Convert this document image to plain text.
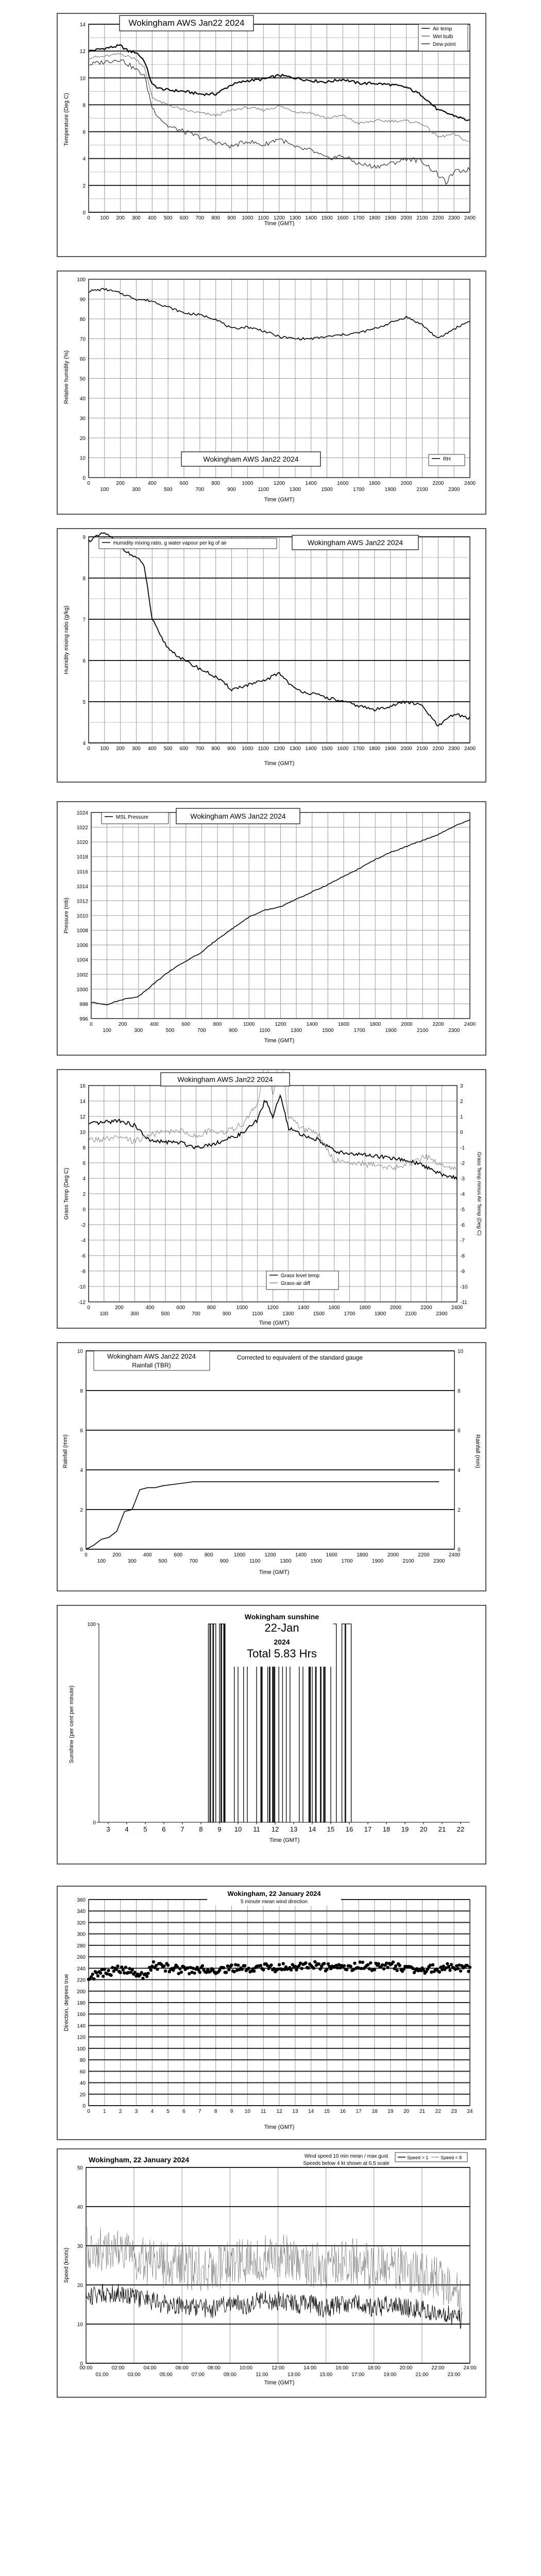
0
2
4
6
8
10
12
14
0 100 200 300 400 500 600 700 800 900 1000 1100 1200 1300 1400 1500 1600 1700 1800 1900 2000 2100 2200 2300 2400
Time (GMT)
Temperature (Deg C)
Wokingham AWS Jan22 2024
Air temp
Wet bulb
Dew point
0
10
20
30
40
50
60
70
80
90
100
0	200	400	600	800	1000	1200	1400	1600	1800	2000	2200	2400
100	300	500	700	900	1100	1300	1500	1700	1900	2100	2300
Time (GMT)
Relative humidity (%)
Wokingham AWS Jan22 2024	RH
4
5
6
7
8
9
0 100 200 300 400 500 600 700 800 900 1000 1100 1200 1300 1400 1500 1600 1700 1800 1900 2000 2100 2200 2300 2400
Time (GMT)
Humidity mixing ratio (g/kg)
Humidity mixing ratio, g water vapour per kg of air	Wokingham AWS Jan22 2024
996
998
1000
1002
1004
1006
1008
1010
1012
1014
1016
1018
1020
1022
1024
0	200	400	600	800	1000	1200	1400	1600	1800	2000	2200	2400
100	300	500	700	900	1100	1300	1500	1700	1900	2100	2300
Time (GMT)
Pressure (mb)
MSL Pressure	Wokingham AWS Jan22 2024
-12
-10
-8
-6
-4
-2
0
2
4
6
8
10
12
14
16
-11
-10
-9
-8
-7
-6
-5
-4
-3
-2
-1
0
1
2
3
0	200	400	600	800	1000	1200	1400	1600	1800	2000	2200	2400
100	300	500	700	900	1100	1300	1500	1700	1900	2100	2300
Time (GMT)
Grass Temp (Deg C)	Grass Temp minus Air Temp (Deg C)
Wokingham AWS Jan22 2024
Grass level temp
Grass-air diff
0
2
4
6
8
10
0
2
4
6
8
10
0	200	400	600	800	1000	1200	1400	1600	1800	2000	2200	2400
100	300	500	700	900	1100	1300	1500	1700	1900	2100	2300
Time (GMT)
Rainfall (mm)	Rainfall (mm)
Wokingham AWS Jan22 2024
Rainfall (TBR)
Corrected to equivalent of the standard gauge
0
100
3 4 5 6 7 8 9 10 11 12 13 14 15 16 17 18 19 20 21 22
Time (GMT)
Sunshine (per cent per minute)
Wokingham sunshine
22-Jan
2024
Total 5.83 Hrs
0
20
40
60
80
100
120
140
160
180
200
220
240
260
280
300
320
340
360
0	1	2	3	4	5	6	7	8	9 10 11 12 13 14 15 16 17 18 19 20 21 22 23 24
Time (GMT)
Direction, degrees true
Wokingham, 22 January 2024
5 minute mean wind direction
0
10
20
30
40
50
00:00
01:00
02:00
03:00
04:00
05:00
06:00
07:00
08:00
09:00
10:00
11:00
12:00
13:00
14:00
15:00
16:00
17:00
18:00
19:00
20:00
21:00
22:00
23:00
24:00
Time (GMT)
Speed (knots)
Wokingham, 22 January 2024	Wind speed 10 min mean / max gust
Speeds below 4 kt shown at 0.5 scale
Speed > 1	Speed < 8
